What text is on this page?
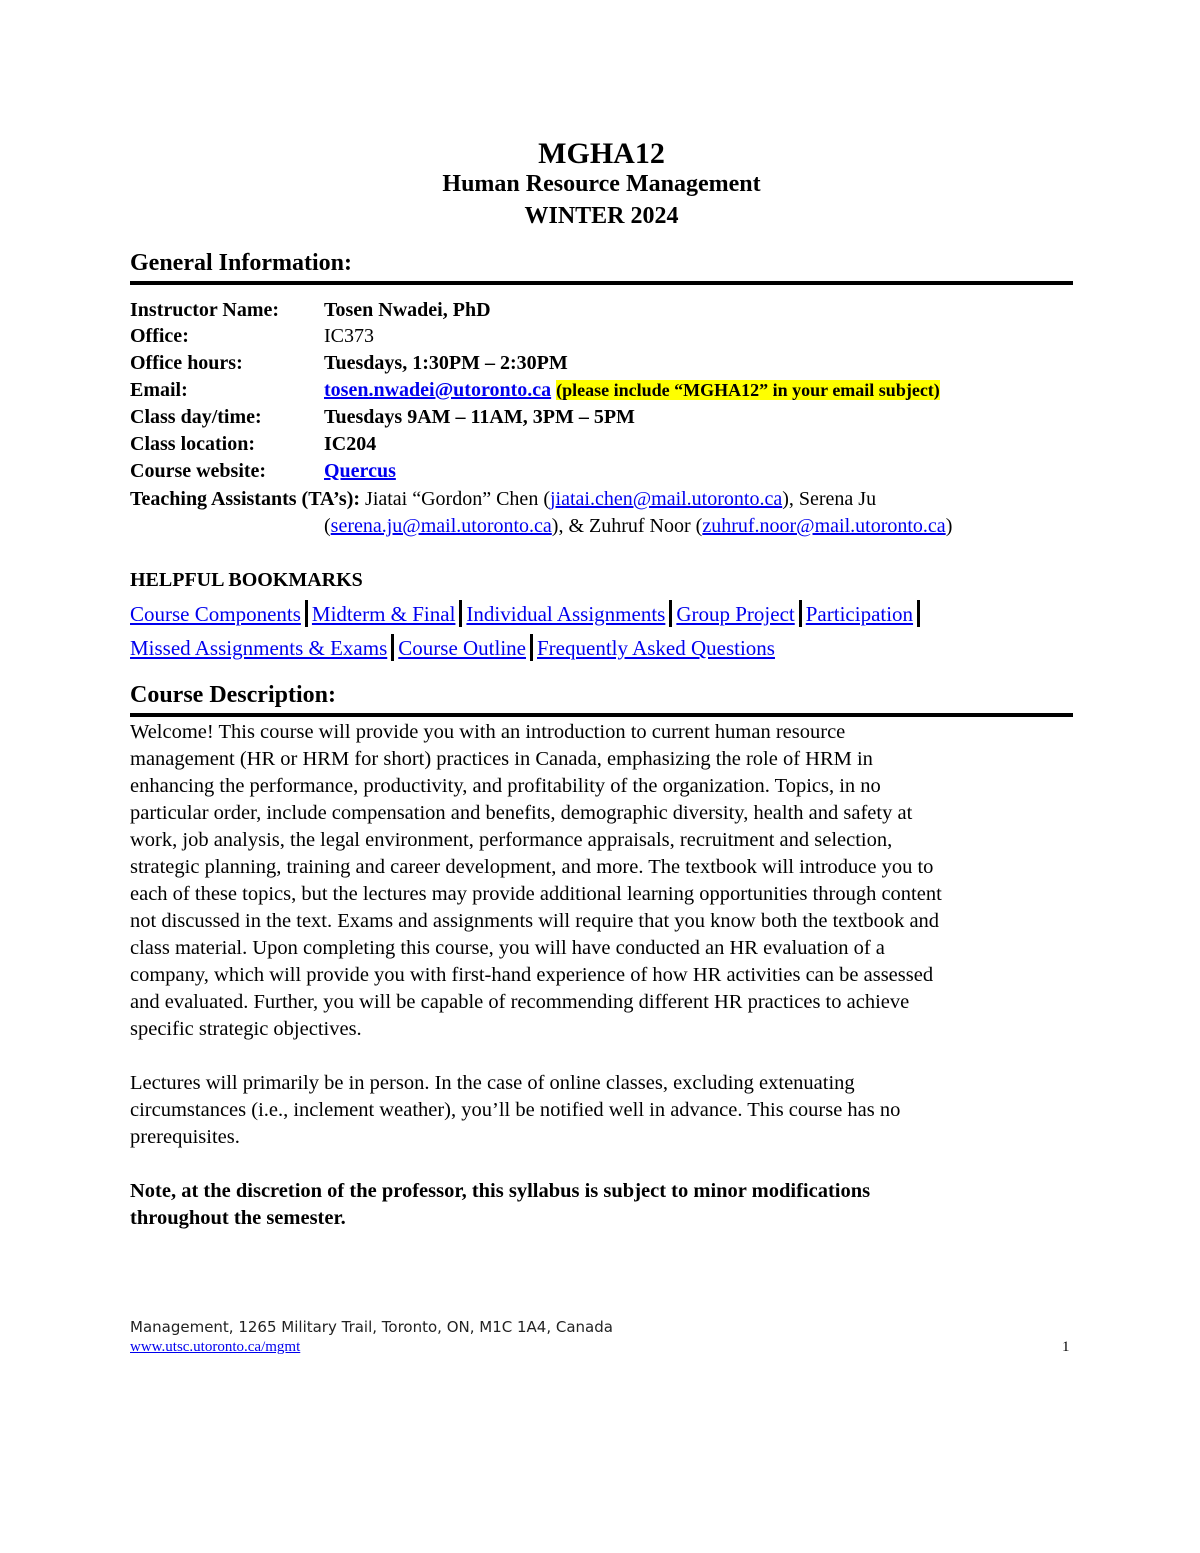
MGHA12
Human Resource Management
WINTER 2024
General Information:
Instructor Name: Tosen Nwadei, PhD
Office:	IC373
Office hours:	Tuesdays, 1:30PM – 2:30PM
Email:	tosen.nwadei@utoronto.ca (please include “MGHA12” in your email subject)
Class day/time:	Tuesdays 9AM – 11AM, 3PM – 5PM
Class location:	IC204
Course website:	Quercus
Teaching Assistants (TA’s): Jiatai “Gordon” Chen (jiatai.chen@mail.utoronto.ca), Serena Ju
(serena.ju@mail.utoronto.ca), & Zuhruf Noor (zuhruf.noor@mail.utoronto.ca)
HELPFUL BOOKMARKS
Course Components Midterm & Final Individual Assignments Group Project Participation
Missed Assignments & Exams Course Outline Frequently Asked Questions
Course Description:

Welcome! This course will provide you with an introduction to current human resource

management (HR or HRM for short) practices in Canada, emphasizing the role of HRM in

enhancing the performance, productivity, and profitability of the organization. Topics, in no

particular order, include compensation and benefits, demographic diversity, health and safety at

work, job analysis, the legal environment, performance appraisals, recruitment and selection,

strategic planning, training and career development, and more. The textbook will introduce you to

each of these topics, but the lectures may provide additional learning opportunities through content

not discussed in the text. Exams and assignments will require that you know both the textbook and

class material. Upon completing this course, you will have conducted an HR evaluation of a

company, which will provide you with first-hand experience of how HR activities can be assessed

and evaluated. Further, you will be capable of recommending different HR practices to achieve

specific strategic objectives.

Lectures will primarily be in person. In the case of online classes, excluding extenuating

circumstances (i.e., inclement weather), you’ll be notified well in advance. This course has no

prerequisites.

Note, at the discretion of the professor, this syllabus is subject to minor modifications

throughout the semester.

Management, 1265 Military Trail, Toronto, ON, M1C 1A4, Canada
www.utsc.utoronto.ca/mgmt	1
